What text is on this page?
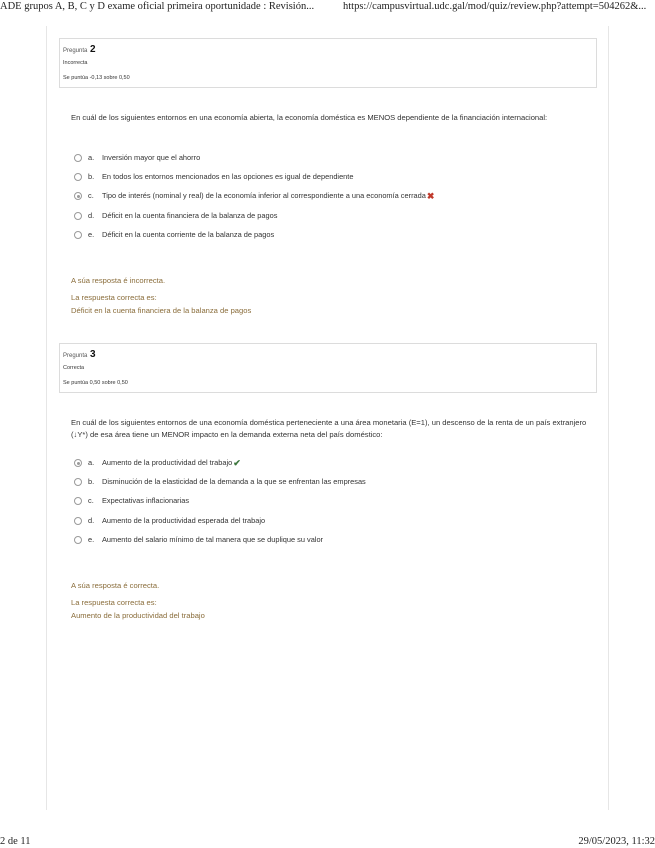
ADE grupos A, B, C y D exame oficial primeira oportunidade : Revisión...	https://campusvirtual.udc.gal/mod/quiz/review.php?attempt=504262&...
Pregunta 2
Incorrecta
Se puntúa -0,13 sobre 0,50
En cuál de los siguientes entornos en una economía abierta, la economía doméstica es MENOS dependiente de la financiación internacional:
a.	Inversión mayor que el ahorro
b.	En todos los entornos mencionados en las opciones es igual de dependiente
c.	Tipo de interés (nominal y real) de la economía inferior al correspondiente a una economía cerrada ✖
d.	Déficit en la cuenta financiera de la balanza de pagos
e.	Déficit en la cuenta corriente de la balanza de pagos
A súa resposta é incorrecta.
La respuesta correcta es:
Déficit en la cuenta financiera de la balanza de pagos
Pregunta 3
Correcta
Se puntúa 0,50 sobre 0,50
En cuál de los siguientes entornos de una economía doméstica perteneciente a una área monetaria (E=1), un descenso de la renta de un país extranjero (↓Y*) de esa área tiene un MENOR impacto en la demanda externa neta del país doméstico:
a.	Aumento de la productividad del trabajo ✔
b.	Disminución de la elasticidad de la demanda a la que se enfrentan las empresas
c.	Expectativas inflacionarias
d.	Aumento de la productividad esperada del trabajo
e.	Aumento del salario mínimo de tal manera que se duplique su valor
A súa resposta é correcta.
La respuesta correcta es:
Aumento de la productividad del trabajo
2 de 11	29/05/2023, 11:32
